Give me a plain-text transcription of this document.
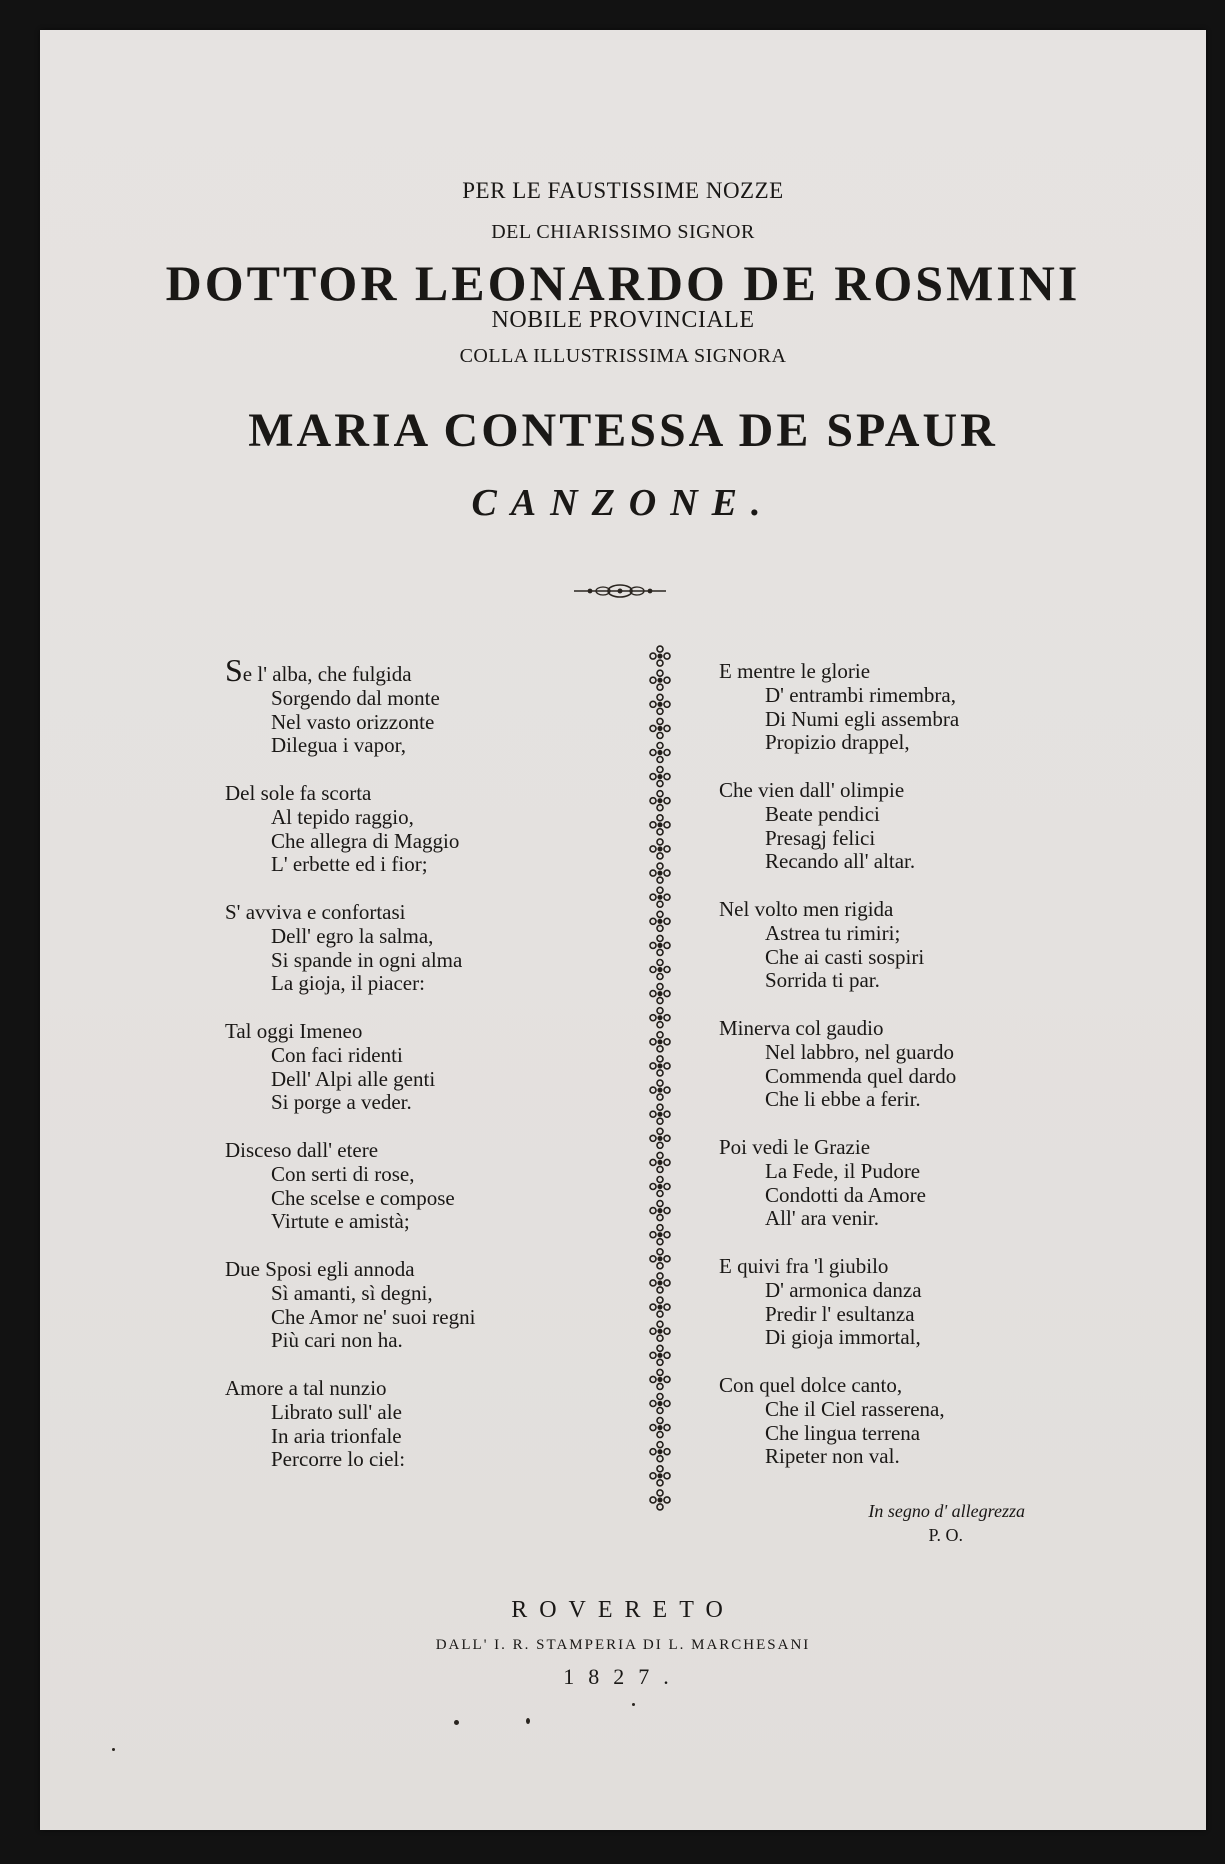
PER LE FAUSTISSIME NOZZE
DEL CHIARISSIMO SIGNOR
DOTTOR LEONARDO DE ROSMINI
NOBILE PROVINCIALE
COLLA ILLUSTRISSIMA SIGNORA
MARIA CONTESSA DE SPAUR
CANZONE.
Se l' alba, che fulgida
Sorgendo dal monte
Nel vasto orizzonte
Dilegua i vapor,
Del sole fa scorta
Al tepido raggio,
Che allegra di Maggio
L' erbette ed i fior;
S' avviva e confortasi
Dell' egro la salma,
Si spande in ogni alma
La gioja, il piacer:
Tal oggi Imeneo
Con faci ridenti
Dell' Alpi alle genti
Si porge a veder.
Disceso dall' etere
Con serti di rose,
Che scelse e compose
Virtute e amistà;
Due Sposi egli annoda
Sì amanti, sì degni,
Che Amor ne' suoi regni
Più cari non ha.
Amore a tal nunzio
Librato sull' ale
In aria trionfale
Percorre lo ciel:
E mentre le glorie
D' entrambi rimembra,
Di Numi egli assembra
Propizio drappel,
Che vien dall' olimpie
Beate pendici
Presagj felici
Recando all' altar.
Nel volto men rigida
Astrea tu rimiri;
Che ai casti sospiri
Sorrida ti par.
Minerva col gaudio
Nel labbro, nel guardo
Commenda quel dardo
Che li ebbe a ferir.
Poi vedi le Grazie
La Fede, il Pudore
Condotti da Amore
All' ara venir.
E quivi fra 'l giubilo
D' armonica danza
Predir l' esultanza
Di gioja immortal,
Con quel dolce canto,
Che il Ciel rasserena,
Che lingua terrena
Ripeter non val.
In segno d' allegrezza
P. O.
ROVERETO
DALL' I. R. STAMPERIA DI L. MARCHESANI
1827.
